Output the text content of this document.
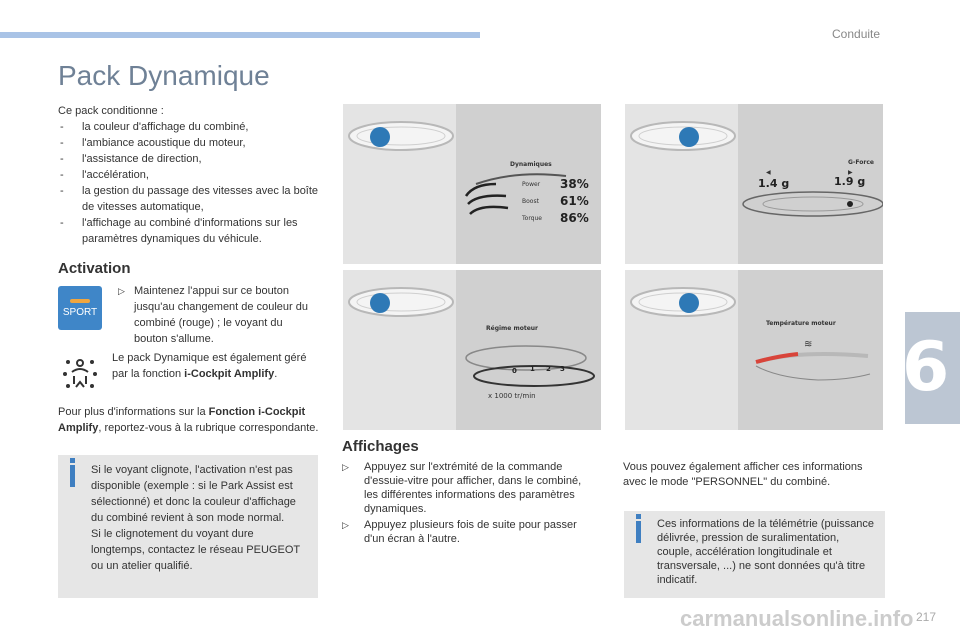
Conduite
6
Pack Dynamique

Ce pack conditionne :

- la couleur d'affichage du combiné,
- l'ambiance acoustique du moteur,
- l'assistance de direction,
- l'accélération,
- la gestion du passage des vitesses avec la boîte de vitesses automatique,
- l'affichage au combiné d'informations sur les paramètres dynamiques du véhicule.
Activation
SPORT
▷ Maintenez l'appui sur ce bouton jusqu'au changement de couleur du combiné (rouge) ; le voyant du bouton s'allume.

Le pack Dynamique est également géré par la fonction i-Cockpit Amplify.

Pour plus d'informations sur la Fonction i-Cockpit Amplify, reportez-vous à la rubrique correspondante.

Si le voyant clignote, l'activation n'est pas disponible (exemple : si le Park Assist est sélectionné) et donc la couleur d'affichage du combiné revient à son mode normal.

Si le clignotement du voyant dure longtemps, contactez le réseau PEUGEOT ou un atelier qualifié.

Dynamiques
Power 38%
Boost 61%
Torque 86%
G-Force
◀	▶
1.4 g	1.9 g
Régime moteur
0 1 2 3
x 1000 tr/min
Température moteur
≋
Affichages
▷ Appuyez sur l'extrémité de la commande d'essuie-vitre pour afficher, dans le combiné, les différentes informations des paramètres dynamiques.
▷ Appuyez plusieurs fois de suite pour passer d'un écran à l'autre.

Vous pouvez également afficher ces informations avec le mode "PERSONNEL" du combiné.

Ces informations de la télémétrie (puissance délivrée, pression de suralimentation, couple, accélération longitudinale et transversale, ...) ne sont données qu'à titre indicatif.

carmanualsonline.info 217
